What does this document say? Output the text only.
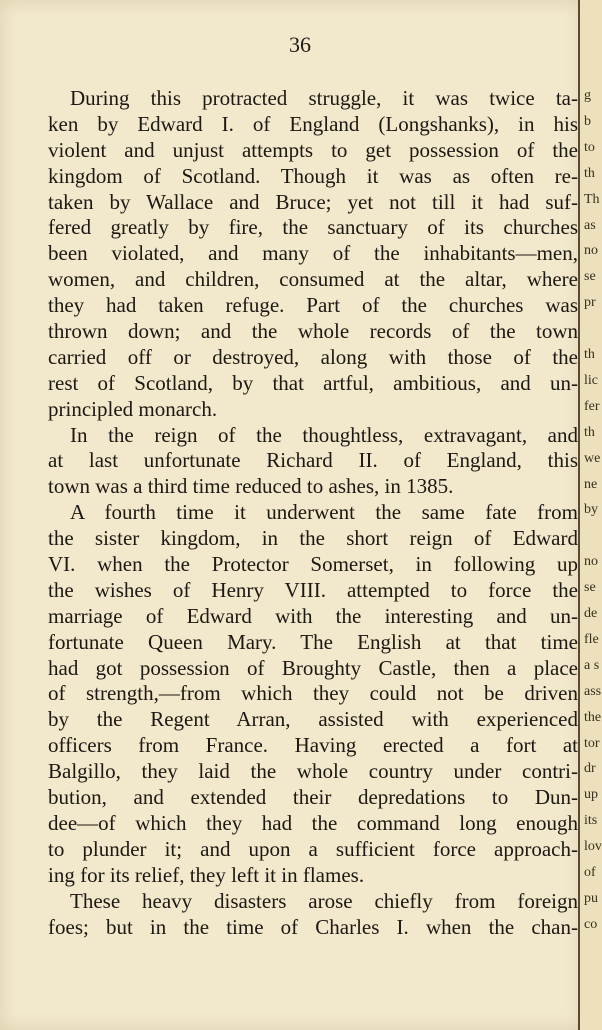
g
b
to
th
Th
as
no
se
pr
th
lic
fer
th
we
ne
by
no
se
de
fle
a s
ass
the
tor
dr
up
its
lov
of
pu
co
36
During this protracted struggle, it was twice ta-
ken by Edward I. of England (Longshanks), in his
violent and unjust attempts to get possession of the
kingdom of Scotland. Though it was as often re-
taken by Wallace and Bruce; yet not till it had suf-
fered greatly by fire, the sanctuary of its churches
been violated, and many of the inhabitants—men,
women, and children, consumed at the altar, where
they had taken refuge. Part of the churches was
thrown down; and the whole records of the town
carried off or destroyed, along with those of the
rest of Scotland, by that artful, ambitious, and un-
principled monarch.
In the reign of the thoughtless, extravagant, and
at last unfortunate Richard II. of England, this
town was a third time reduced to ashes, in 1385.
A fourth time it underwent the same fate from
the sister kingdom, in the short reign of Edward
VI. when the Protector Somerset, in following up
the wishes of Henry VIII. attempted to force the
marriage of Edward with the interesting and un-
fortunate Queen Mary. The English at that time
had got possession of Broughty Castle, then a place
of strength,—from which they could not be driven
by the Regent Arran, assisted with experienced
officers from France. Having erected a fort at
Balgillo, they laid the whole country under contri-
bution, and extended their depredations to Dun-
dee—of which they had the command long enough
to plunder it; and upon a sufficient force approach-
ing for its relief, they left it in flames.
These heavy disasters arose chiefly from foreign
foes; but in the time of Charles I. when the chan-
